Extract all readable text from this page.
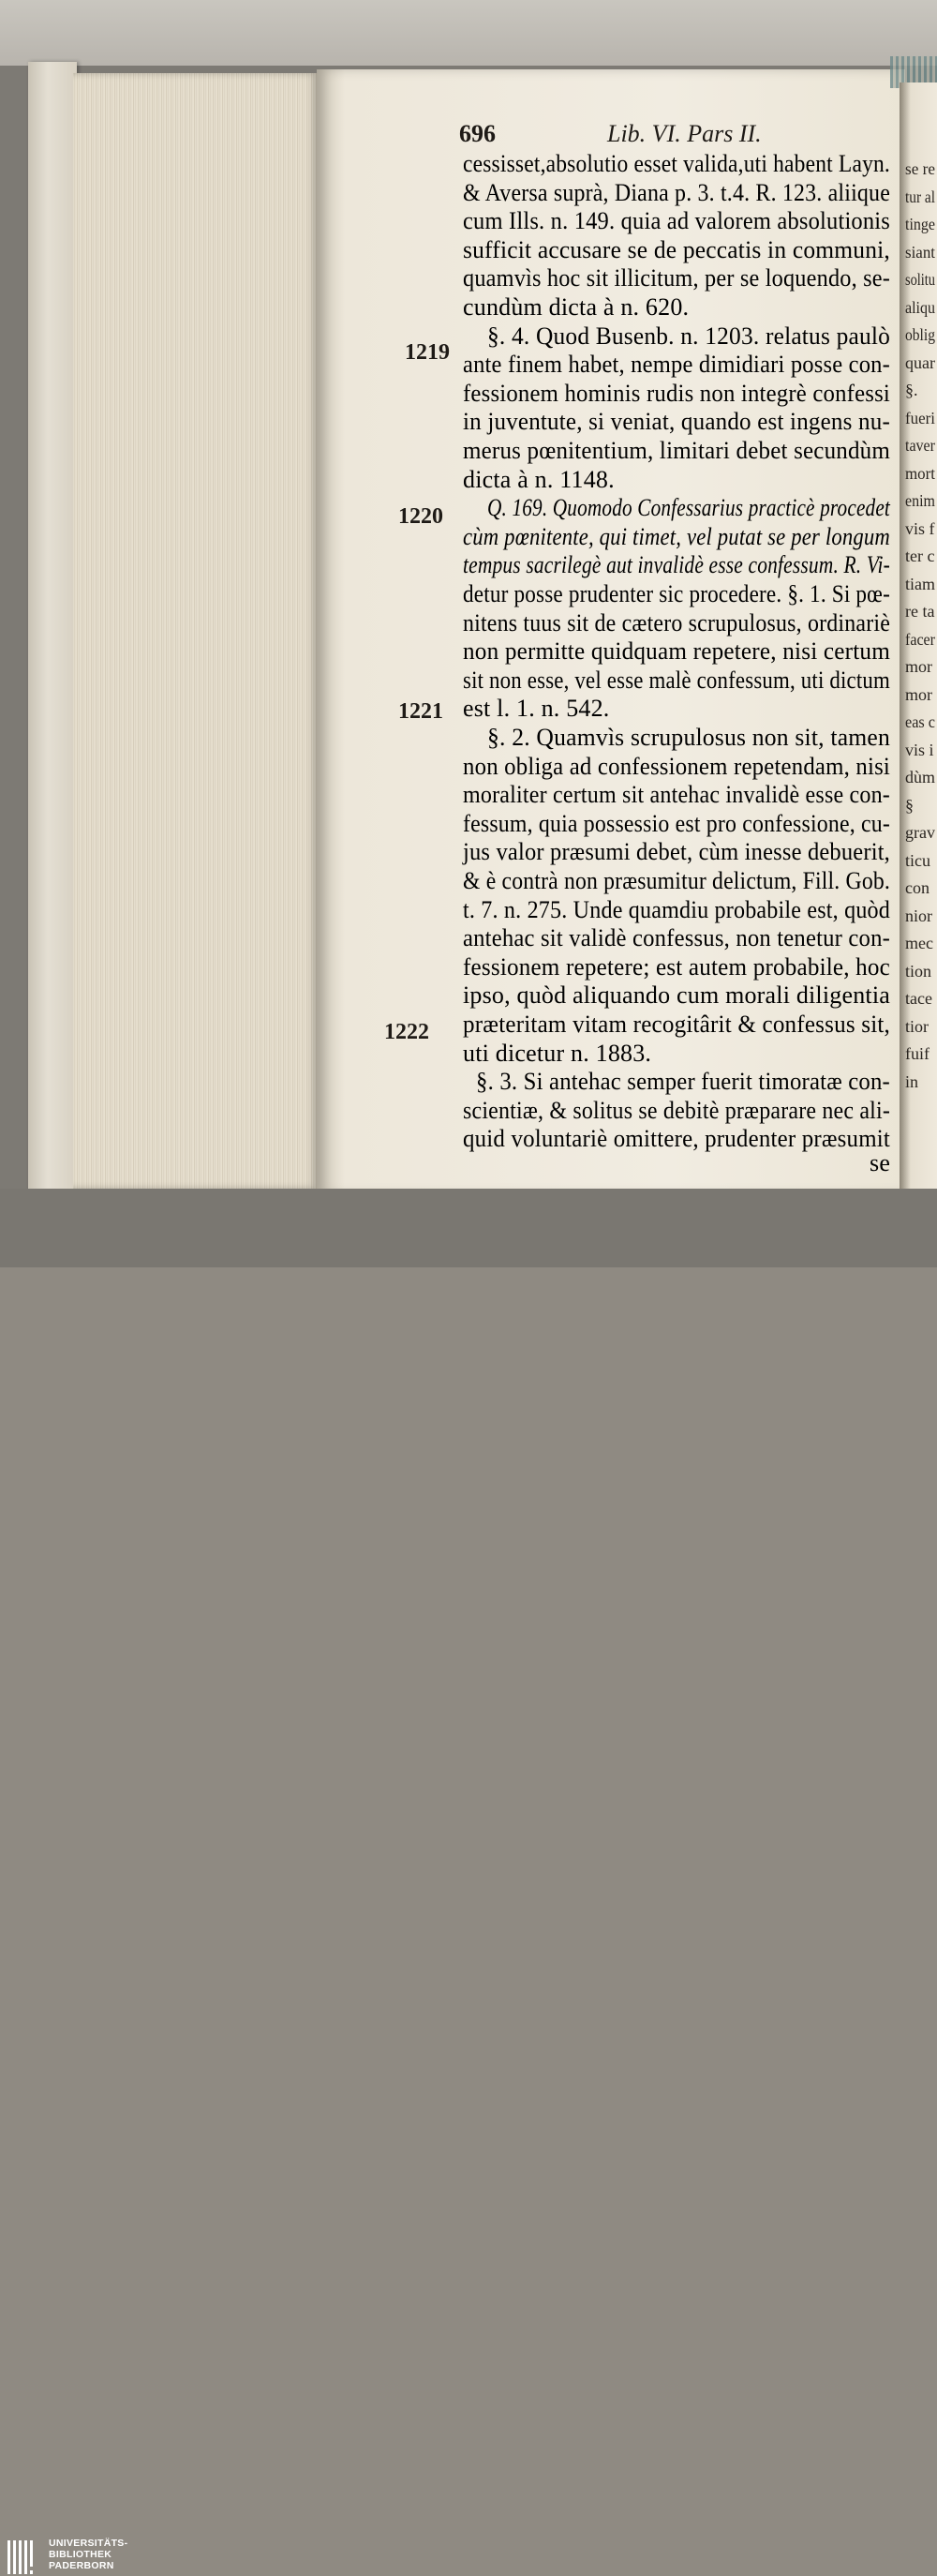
696	Lib. VI. Pars II.
1219
1220
1221
1222
cessisset,absolutio esset valida,uti habent Layn.
& Aversa suprà, Diana p. 3. t.4. R. 123. aliique
cum Ills. n. 149. quia ad valorem absolutionis
sufficit accusare se de peccatis in communi,
quamvìs hoc sit illicitum, per se loquendo, se-
cundùm dicta à n. 620.
§. 4. Quod Busenb. n. 1203. relatus paulò
ante finem habet, nempe dimidiari posse con-
fessionem hominis rudis non integrè confessi
in juventute, si veniat, quando est ingens nu-
merus pœnitentium, limitari debet secundùm
dicta à n. 1148.
Q. 169. Quomodo Confessarius practicè procedet
cùm pœnitente, qui timet, vel putat se per longum
tempus sacrilegè aut invalidè esse confessum. R. Vi-
detur posse prudenter sic procedere. §. 1. Si pœ-
nitens tuus sit de cætero scrupulosus, ordinariè
non permitte quidquam repetere, nisi certum
sit non esse, vel esse malè confessum, uti dictum
est l. 1. n. 542.
§. 2. Quamvìs scrupulosus non sit, tamen
non obliga ad confessionem repetendam, nisi
moraliter certum sit antehac invalidè esse con-
fessum, quia possessio est pro confessione, cu-
jus valor præsumi debet, cùm inesse debuerit,
& è contrà non præsumitur delictum, Fill. Gob.
t. 7. n. 275. Unde quamdiu probabile est, quòd
antehac sit validè confessus, non tenetur con-
fessionem repetere; est autem probabile, hoc
ipso, quòd aliquando cum morali diligentia
præteritam vitam recogitârit & confessus sit,
uti dicetur n. 1883.
§. 3. Si antehac semper fuerit timoratæ con-
scientiæ, & solitus se debitè præparare nec ali-
quid voluntariè omittere, prudenter præsumit
se
se re
tur al
tinge
siant
solitu
aliqu
oblig
quar
§.
fueri
taver
mort
enim
vis f
ter c
tiam
re ta
facer
mor
mor
eas c
vis i
dùm
§
grav
ticu
con
nior
mec
tion
tace
tior
fuif
in
UNIVERSITÄTS-
BIBLIOTHEK
PADERBORN
